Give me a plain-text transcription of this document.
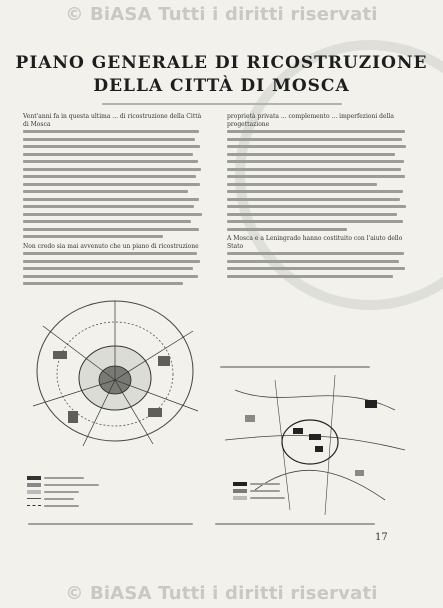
© BiASA Tutti i diritti riservati
PIANO GENERALE DI RICOSTRUZIONE
DELLA CITTÀ DI MOSCA
Vent'anni fa in questa ultima ... di ricostruzione della Città di Mosca
Non credo sia mai avvenuto che un piano di ricostruzione
proprietà privata ... complemento ... imperfezioni della progettazione
A Mosca e a Leningrado hanno costituito con l'aiuto dello Stato
17
© BiASA Tutti i diritti riservati
